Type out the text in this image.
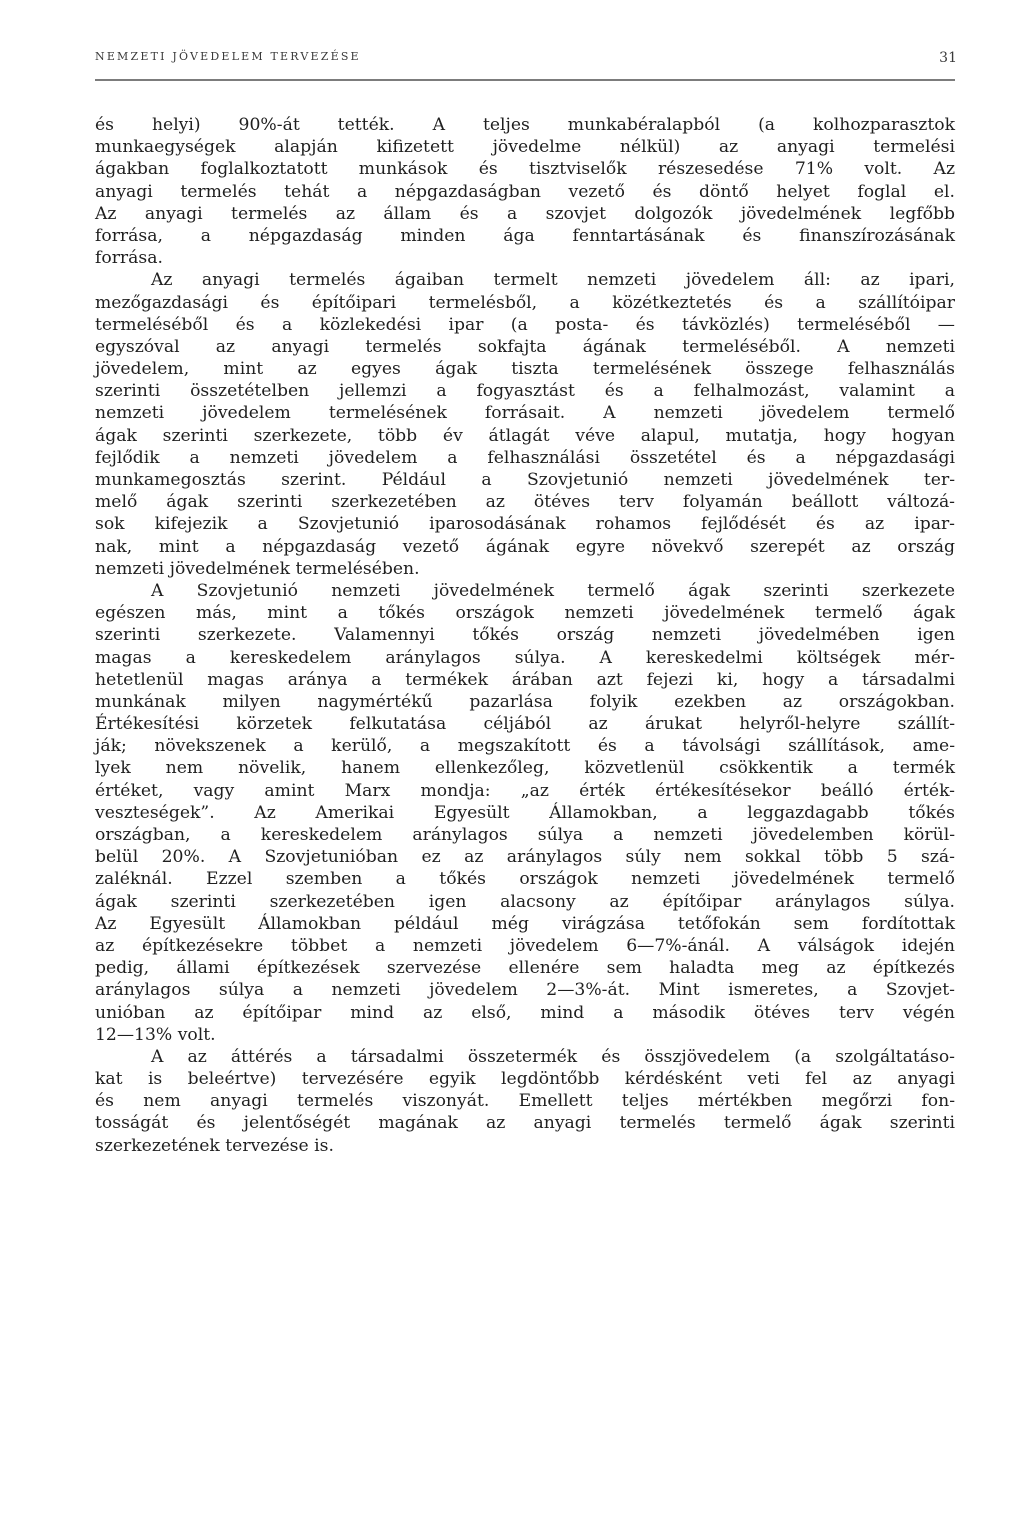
NEMZETI JÖVEDELEM TERVEZÉSE	31
és helyi) 90%-át tették. A teljes munkabéralapból (a kolhozparasztok
munkaegységek alapján kifizetett jövedelme nélkül) az anyagi termelési
ágakban foglalkoztatott munkások és tisztviselők részesedése 71% volt. Az
anyagi termelés tehát a népgazdaságban vezető és döntő helyet foglal el.
Az anyagi termelés az állam és a szovjet dolgozók jövedelmének legfőbb
forrása, a népgazdaság minden ága fenntartásának és finanszírozásának
forrása.
Az anyagi termelés ágaiban termelt nemzeti jövedelem áll: az ipari,
mezőgazdasági és építőipari termelésből, a közétkeztetés és a szállítóipar
termeléséből és a közlekedési ipar (a posta- és távközlés) termeléséből —
egyszóval az anyagi termelés sokfajta ágának termeléséből. A nemzeti
jövedelem, mint az egyes ágak tiszta termelésének összege felhasználás
szerinti összetételben jellemzi a fogyasztást és a felhalmozást, valamint a
nemzeti jövedelem termelésének forrásait. A nemzeti jövedelem termelő
ágak szerinti szerkezete, több év átlagát véve alapul, mutatja, hogy hogyan
fejlődik a nemzeti jövedelem a felhasználási összetétel és a népgazdasági
munkamegosztás szerint. Például a Szovjetunió nemzeti jövedelmének ter-
melő ágak szerinti szerkezetében az ötéves terv folyamán beállott változá-
sok kifejezik a Szovjetunió iparosodásának rohamos fejlődését és az ipar-
nak, mint a népgazdaság vezető ágának egyre növekvő szerepét az ország
nemzeti jövedelmének termelésében.
A Szovjetunió nemzeti jövedelmének termelő ágak szerinti szerkezete
egészen más, mint a tőkés országok nemzeti jövedelmének termelő ágak
szerinti szerkezete. Valamennyi tőkés ország nemzeti jövedelmében igen
magas a kereskedelem aránylagos súlya. A kereskedelmi költségek mér-
hetetlenül magas aránya a termékek árában azt fejezi ki, hogy a társadalmi
munkának milyen nagymértékű pazarlása folyik ezekben az országokban.
Értékesítési körzetek felkutatása céljából az árukat helyről-helyre szállít-
ják; növekszenek a kerülő, a megszakított és a távolsági szállítások, ame-
lyek nem növelik, hanem ellenkezőleg, közvetlenül csökkentik a termék
értéket, vagy amint Marx mondja: „az érték értékesítésekor beálló érték-
veszteségek”. Az Amerikai Egyesült Államokban, a leggazdagabb tőkés
országban, a kereskedelem aránylagos súlya a nemzeti jövedelemben körül-
belül 20%. A Szovjetunióban ez az aránylagos súly nem sokkal több 5 szá-
zaléknál. Ezzel szemben a tőkés országok nemzeti jövedelmének termelő
ágak szerinti szerkezetében igen alacsony az építőipar aránylagos súlya.
Az Egyesült Államokban például még virágzása tetőfokán sem fordítottak
az építkezésekre többet a nemzeti jövedelem 6—7%-ánál. A válságok idején
pedig, állami építkezések szervezése ellenére sem haladta meg az építkezés
aránylagos súlya a nemzeti jövedelem 2—3%-át. Mint ismeretes, a Szovjet-
unióban az építőipar mind az első, mind a második ötéves terv végén
12—13% volt.
A az áttérés a társadalmi összetermék és összjövedelem (a szolgáltatáso-
kat is beleértve) tervezésére egyik legdöntőbb kérdésként veti fel az anyagi
és nem anyagi termelés viszonyát. Emellett teljes mértékben megőrzi fon-
tosságát és jelentőségét magának az anyagi termelés termelő ágak szerinti
szerkezetének tervezése is.
